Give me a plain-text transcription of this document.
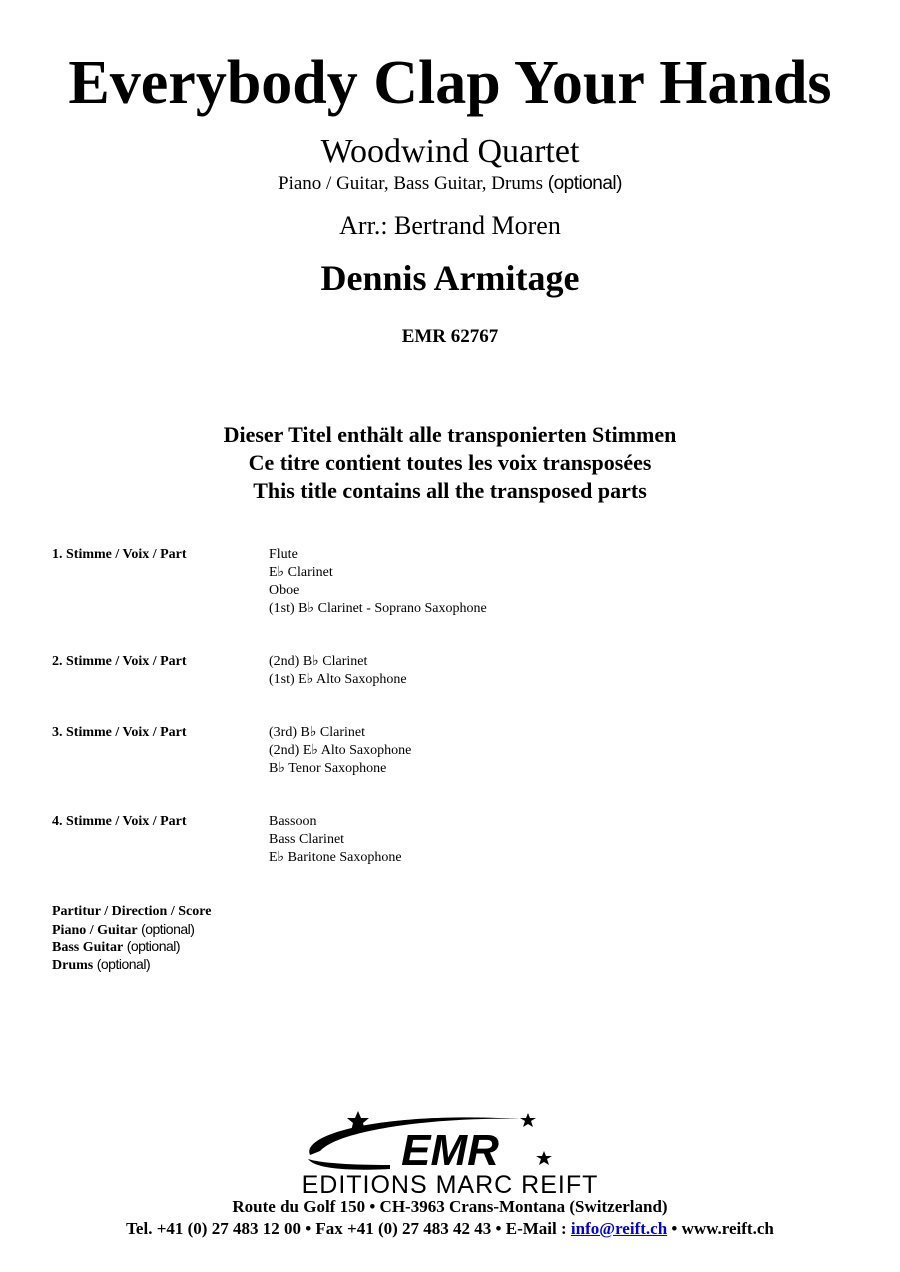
Everybody Clap Your Hands
Woodwind Quartet
Piano / Guitar, Bass Guitar, Drums (optional)
Arr.: Bertrand Moren
Dennis Armitage
EMR 62767
Dieser Titel enthält alle transponierten Stimmen
Ce titre contient toutes les voix transposées
This title contains all the transposed parts
1. Stimme / Voix / Part	Flute
E♭ Clarinet
Oboe
(1st) B♭ Clarinet - Soprano Saxophone
2. Stimme / Voix / Part	(2nd) B♭ Clarinet
(1st) E♭ Alto Saxophone
3. Stimme / Voix / Part	(3rd) B♭ Clarinet
(2nd) E♭ Alto Saxophone
B♭ Tenor Saxophone
4. Stimme / Voix / Part	Bassoon
Bass Clarinet
E♭ Baritone Saxophone
Partitur / Direction / Score
Piano / Guitar (optional)
Bass Guitar (optional)
Drums (optional)
EMR
EDITIONS MARC REIFT
Route du Golf 150 • CH-3963 Crans-Montana (Switzerland)
Tel. +41 (0) 27 483 12 00 • Fax +41 (0) 27 483 42 43 • E-Mail : info@reift.ch • www.reift.ch
